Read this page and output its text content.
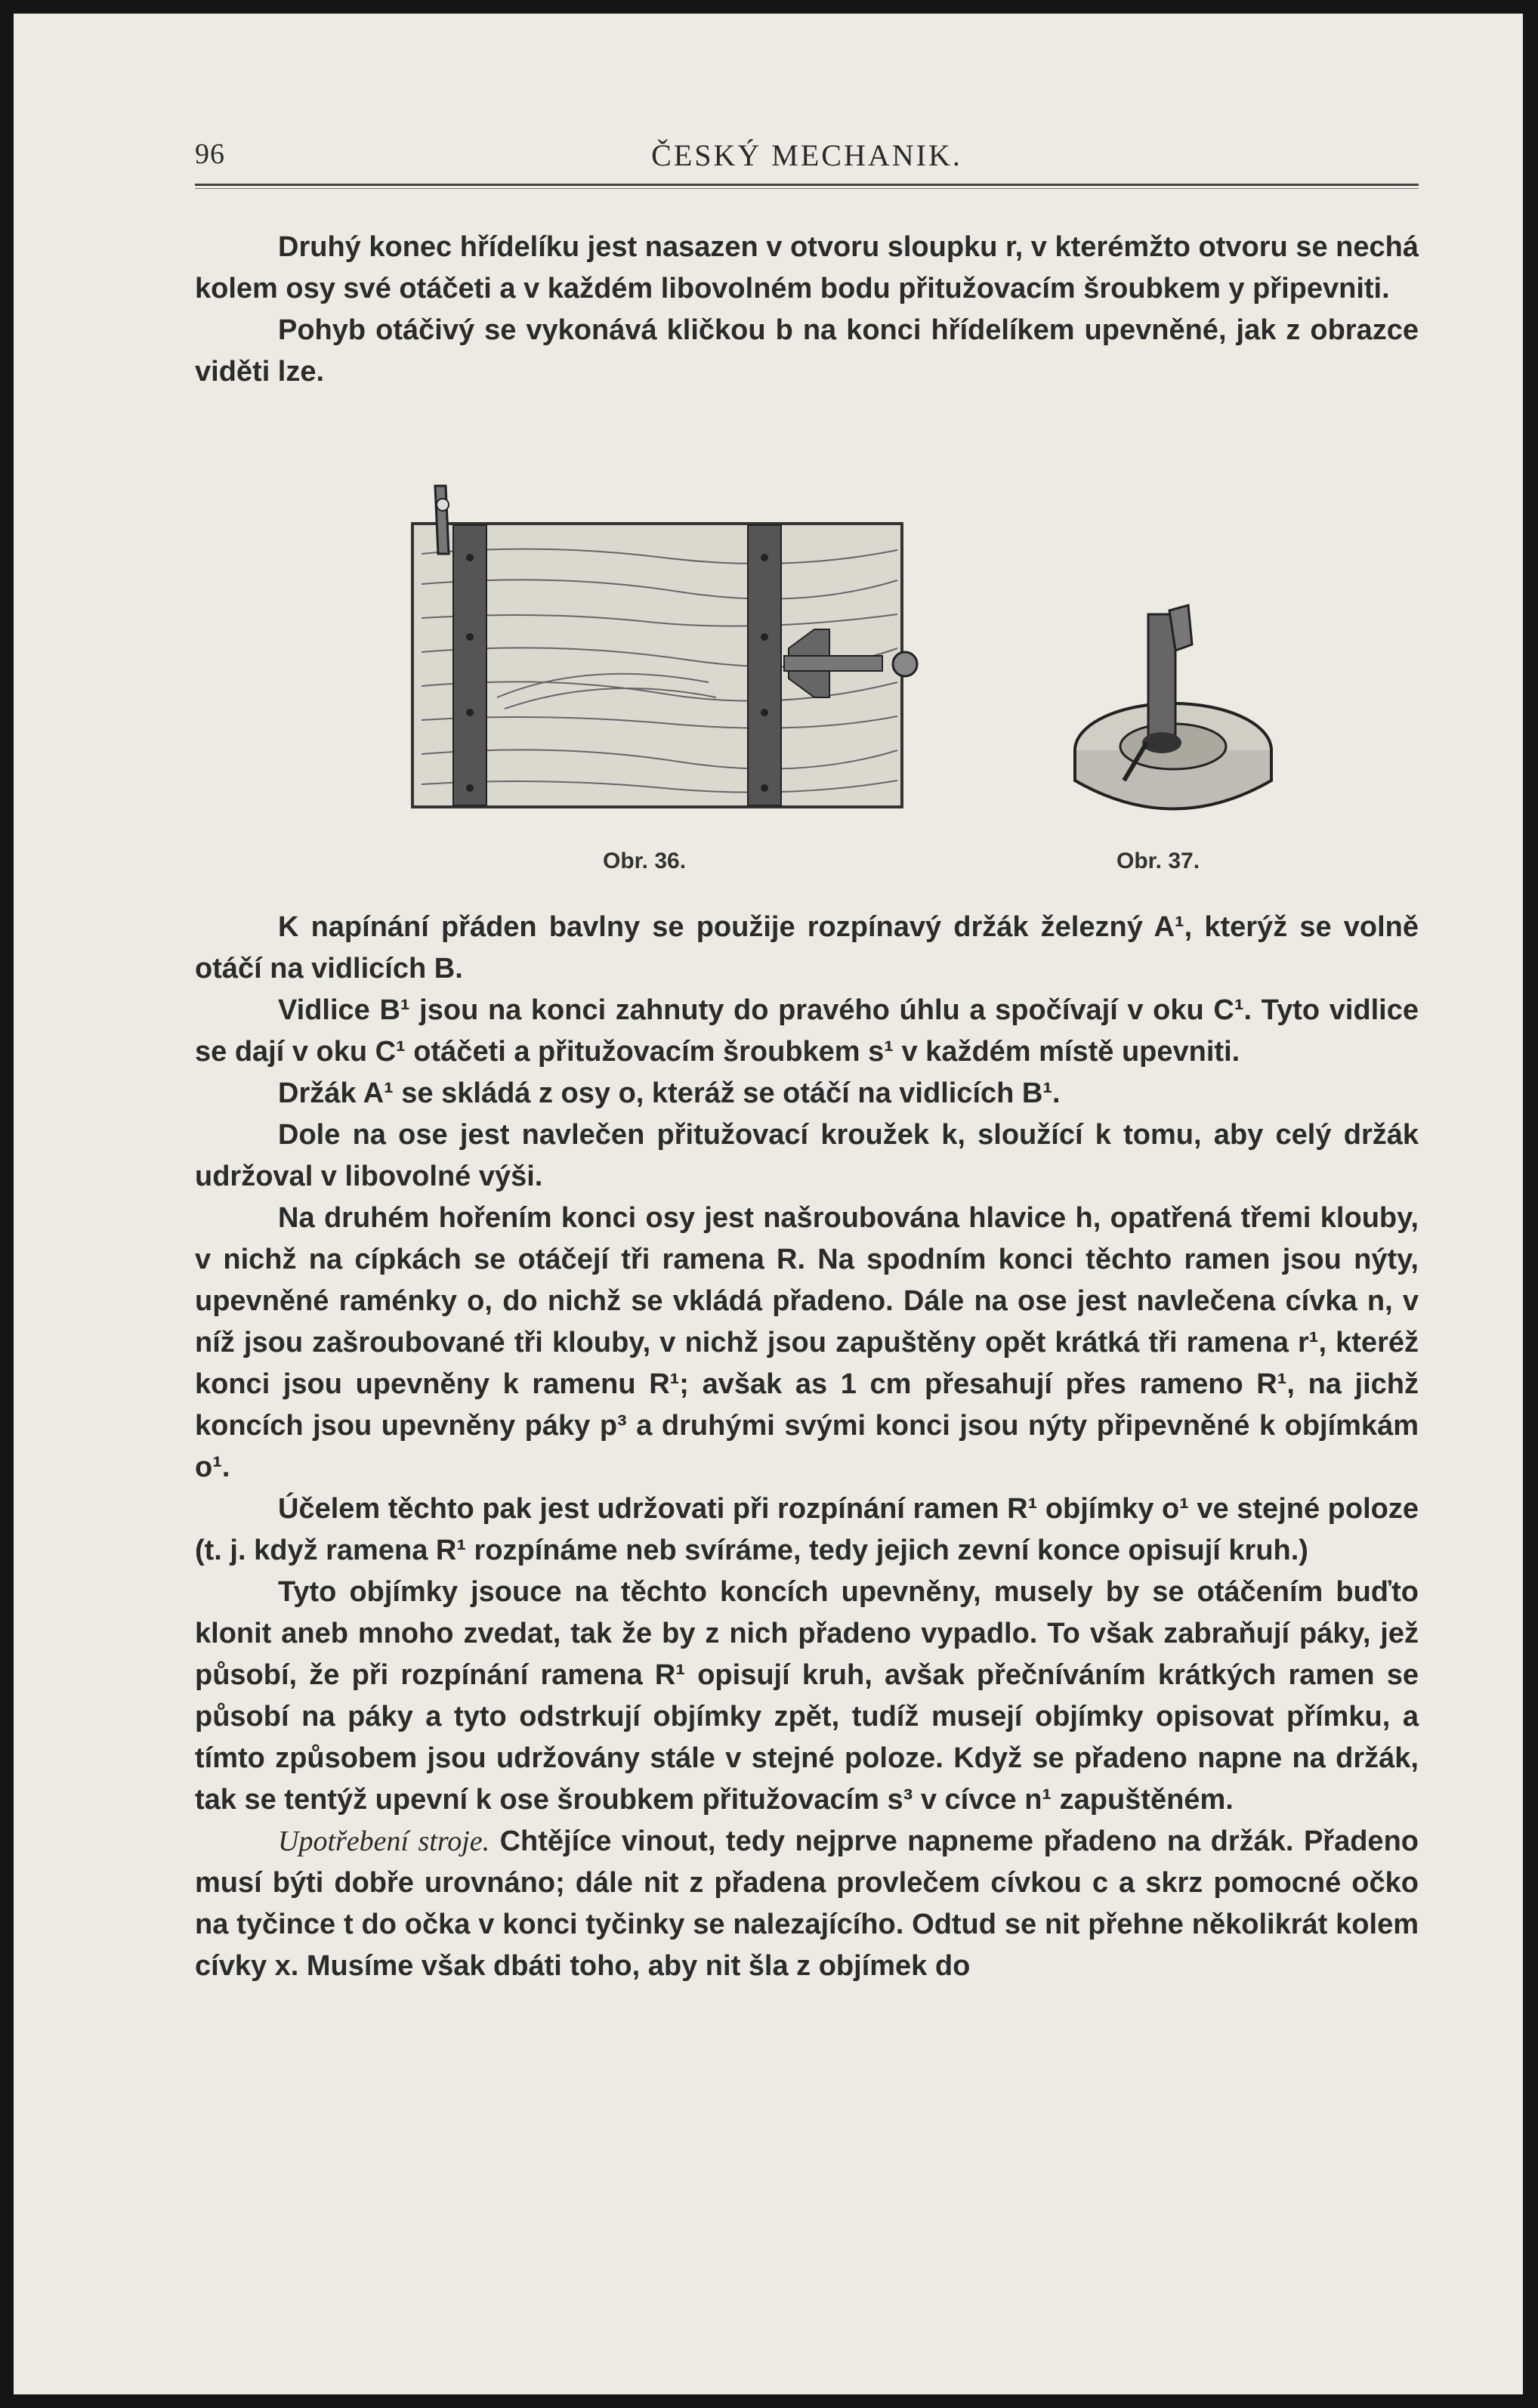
96	ČESKÝ MECHANIK.

Druhý konec hřídelíku jest nasazen v otvoru sloupku r, v kterémžto otvoru se nechá kolem osy své otáčeti a v každém libovolném bodu přitužovacím šroubkem y připevniti.

Pohyb otáčivý se vykonává kličkou b na konci hřídelíkem upevněné, jak z obrazce viděti lze.

Obr. 36.	Obr. 37.

K napínání přáden bavlny se použije rozpínavý držák železný A¹, kterýž se volně otáčí na vidlicích B.

Vidlice B¹ jsou na konci zahnuty do pravého úhlu a spočívají v oku C¹. Tyto vidlice se dají v oku C¹ otáčeti a přitužovacím šroubkem s¹ v každém místě upevniti.

Držák A¹ se skládá z osy o, kteráž se otáčí na vidlicích B¹.

Dole na ose jest navlečen přitužovací kroužek k, sloužící k tomu, aby celý držák udržoval v libovolné výši.

Na druhém hořením konci osy jest našroubována hlavice h, opatřená třemi klouby, v nichž na cípkách se otáčejí tři ramena R. Na spodním konci těchto ramen jsou nýty, upevněné raménky o, do nichž se vkládá přadeno. Dále na ose jest navlečena cívka n, v níž jsou zašroubované tři klouby, v nichž jsou zapuštěny opět krátká tři ramena r¹, kteréž konci jsou upevněny k ramenu R¹; avšak as 1 cm přesahují přes rameno R¹, na jichž koncích jsou upevněny páky p³ a druhými svými konci jsou nýty připevněné k objímkám o¹.

Účelem těchto pak jest udržovati při rozpínání ramen R¹ objímky o¹ ve stejné poloze (t. j. když ramena R¹ rozpínáme neb svíráme, tedy jejich zevní konce opisují kruh.)

Tyto objímky jsouce na těchto koncích upevněny, musely by se otáčením buďto klonit aneb mnoho zvedat, tak že by z nich přadeno vypadlo. To však zabraňují páky, jež působí, že při rozpínání ramena R¹ opisují kruh, avšak přečníváním krátkých ramen se působí na páky a tyto odstrkují objímky zpět, tudíž musejí objímky opisovat přímku, a tímto způsobem jsou udržovány stále v stejné poloze. Když se přadeno napne na držák, tak se tentýž upevní k ose šroubkem přitužovacím s³ v cívce n¹ zapuštěném.

Upotřebení stroje. Chtějíce vinout, tedy nejprve napneme přadeno na držák. Přadeno musí býti dobře urovnáno; dále nit z přadena provlečem cívkou c a skrz pomocné očko na tyčince t do očka v konci tyčinky se nalezajícího. Odtud se nit přehne několikrát kolem cívky x. Musíme však dbáti toho, aby nit šla z objímek do
